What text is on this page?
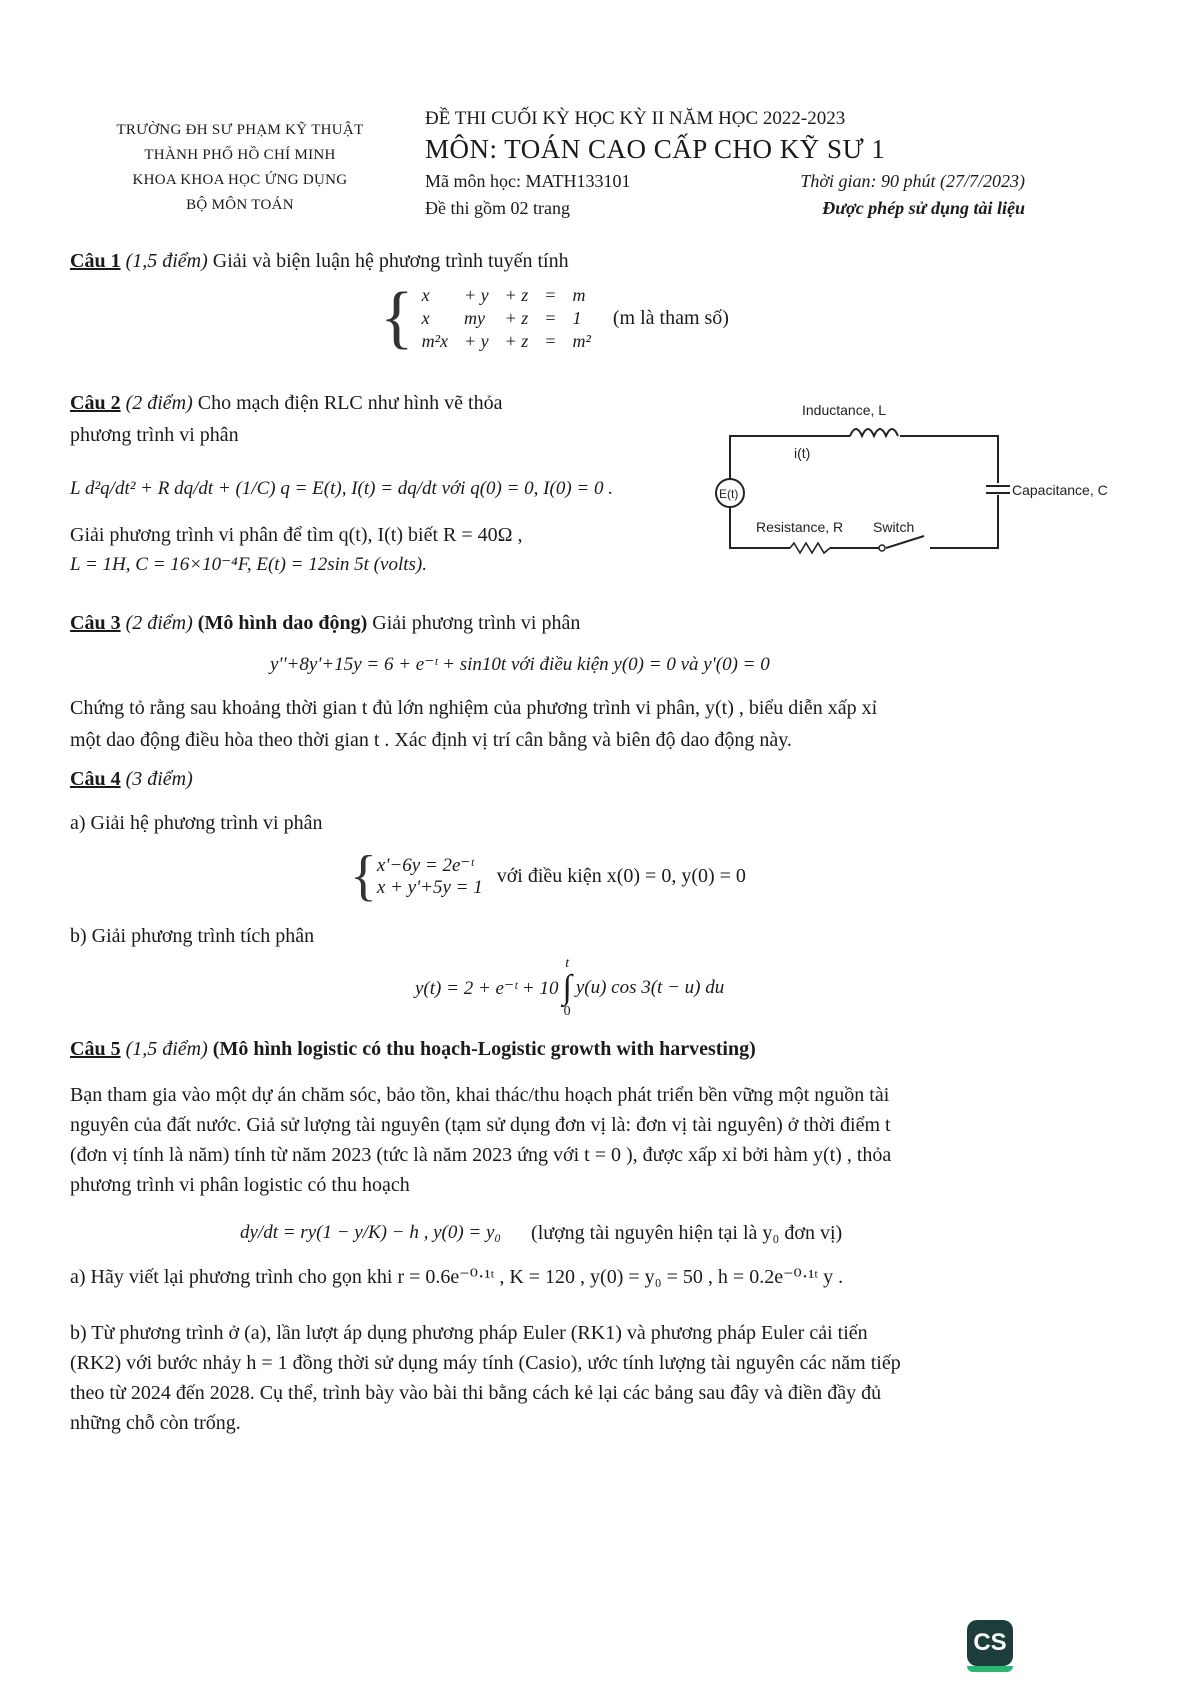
TRƯỜNG ĐH SƯ PHẠM KỸ THUẬT
THÀNH PHỐ HỒ CHÍ MINH
KHOA KHOA HỌC ỨNG DỤNG
BỘ MÔN TOÁN
ĐỀ THI CUỐI KỲ HỌC KỲ II NĂM HỌC 2022-2023
MÔN: TOÁN CAO CẤP CHO KỸ SƯ 1
Mã môn học: MATH133101	Thời gian: 90 phút (27/7/2023)
Đề thi gồm 02 trang	Được phép sử dụng tài liệu
Câu 1 (1,5 điểm) Giải và biện luận hệ phương trình tuyến tính
{ x	+ y	+ z	=	m
x	my	+ z	=	1
m²x	+ y	+ z	=	m²
(m là tham số)
Câu 2 (2 điểm) Cho mạch điện RLC như hình vẽ thỏa
phương trình vi phân
L d²q/dt² + R dq/dt + (1/C) q = E(t), I(t) = dq/dt với q(0) = 0, I(0) = 0 .
Giải phương trình vi phân để tìm q(t), I(t) biết R = 40Ω ,
L = 1H, C = 16×10⁻⁴F, E(t) = 12sin 5t (volts).
Inductance, L
i(t)
E(t)	Capacitance, C
Resistance, R Switch
Câu 3 (2 điểm) (Mô hình dao động) Giải phương trình vi phân
y''+8y'+15y = 6 + e⁻ᵗ + sin10t với điều kiện y(0) = 0 và y'(0) = 0
Chứng tỏ rằng sau khoảng thời gian t đủ lớn nghiệm của phương trình vi phân, y(t) , biểu diễn xấp xỉ
một dao động điều hòa theo thời gian t . Xác định vị trí cân bằng và biên độ dao động này.
Câu 4 (3 điểm)
a) Giải hệ phương trình vi phân
{ x'−6y = 2e⁻ᵗ
x + y'+5y = 1 với điều kiện x(0) = 0, y(0) = 0
b) Giải phương trình tích phân
y(t) = 2 + e⁻ᵗ + 10
t
∫
0
y(u) cos 3(t − u) du
Câu 5 (1,5 điểm) (Mô hình logistic có thu hoạch-Logistic growth with harvesting)
Bạn tham gia vào một dự án chăm sóc, bảo tồn, khai thác/thu hoạch phát triển bền vững một nguồn tài
nguyên của đất nước. Giả sử lượng tài nguyên (tạm sử dụng đơn vị là: đơn vị tài nguyên) ở thời điểm t
(đơn vị tính là năm) tính từ năm 2023 (tức là năm 2023 ứng với t = 0 ), được xấp xỉ bởi hàm y(t) , thỏa
phương trình vi phân logistic có thu hoạch
dy/dt = ry(1 − y/K) − h , y(0) = y₀ (lượng tài nguyên hiện tại là y₀ đơn vị)
a) Hãy viết lại phương trình cho gọn khi r = 0.6e⁻⁰·¹ᵗ , K = 120 , y(0) = y₀ = 50 , h = 0.2e⁻⁰·¹ᵗ y .
b) Từ phương trình ở (a), lần lượt áp dụng phương pháp Euler (RK1) và phương pháp Euler cải tiến
(RK2) với bước nhảy h = 1 đồng thời sử dụng máy tính (Casio), ước tính lượng tài nguyên các năm tiếp
theo từ 2024 đến 2028. Cụ thể, trình bày vào bài thi bằng cách kẻ lại các bảng sau đây và điền đầy đủ
những chỗ còn trống.
CS
